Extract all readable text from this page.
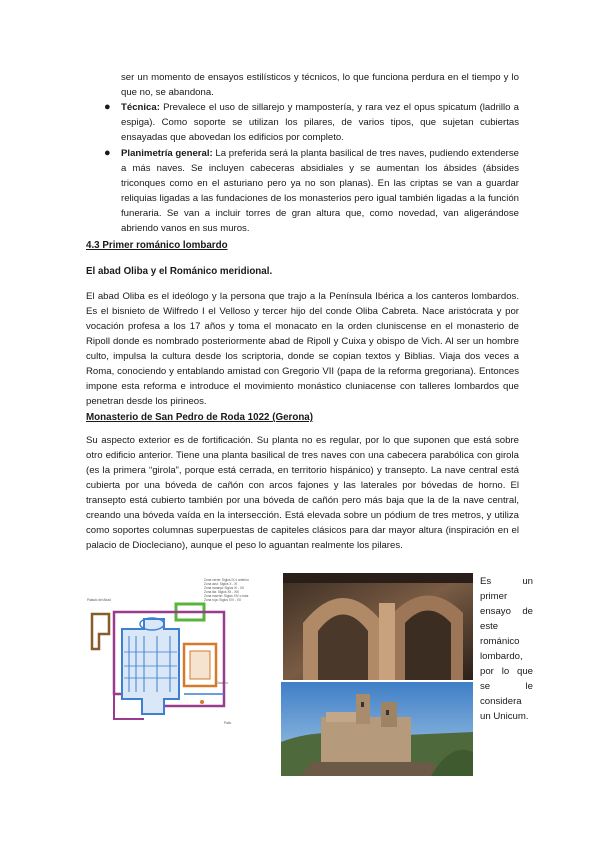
ser un momento de ensayos estilísticos y técnicos, lo que funciona perdura en el tiempo y lo que no, se abandona.
● Técnica: Prevalece el uso de sillarejo y mampostería, y rara vez el opus spicatum (ladrillo a espiga). Como soporte se utilizan los pilares, de varios tipos, que sujetan cubiertas ensayadas que abovedan los edificios por completo.
● Planimetría general: La preferida será la planta basilical de tres naves, pudiendo extenderse a más naves. Se incluyen cabeceras absidiales y se aumentan los ábsides (ábsides triconques como en el asturiano pero ya no son planas). En las criptas se van a guardar reliquias ligadas a las fundaciones de los monasterios pero igual también ligadas a la función funeraria. Se van a incluir torres de gran altura que, como novedad, van aligerándose abriendo vanos en sus muros.
4.3 Primer románico lombardo
El abad Oliba y el Románico meridional.
El abad Oliba es el ideólogo y la persona que trajo a la Península Ibérica a los canteros lombardos. Es el bisnieto de Wilfredo I el Velloso y tercer hijo del conde Oliba Cabreta. Nace aristócrata y por vocación profesa a los 17 años y toma el monacato en la orden cluniscense en el monasterio de Ripoll donde es nombrado posteriormente abad de Ripoll y Cuixa y obispo de Vich. Al ser un hombre culto, impulsa la cultura desde los scriptoria, donde se copian textos y Biblias. Viaja dos veces a Roma, conociendo y entablando amistad con Gregorio VII (papa de la reforma gregoriana). Entonces impone esta reforma e introduce el movimiento monástico cluniacense con talleres lombardos que penetran desde los pirineos.
Monasterio de San Pedro de Roda 1022 (Gerona)
Su aspecto exterior es de fortificación. Su planta no es regular, por lo que suponen que está sobre otro edificio anterior. Tiene una planta basilical de tres naves con una cabecera parabólica con girola (es la primera “girola”, porque está cerrada, en territorio hispánico) y transepto. La nave central está cubierta por una bóveda de cañón con arcos fajones y las laterales por bóvedas de horno. El transepto está cubierto también por una bóveda de cañón pero más baja que la de la nave central, creando una bóveda vaída en la intersección. Está elevada sobre un pódium de tres metros, y utiliza como soportes columnas superpuestas de capiteles clásicos para dar mayor altura (inspiración en el palacio de Diocleciano), aunque el peso lo aguantan realmente los pilares.
Zona verde: Siglos IX o anterior
Zona azul: Siglos X - XI
Zona naranja: Siglos XI - XII
Zona lila: Siglos XII - XIII
Zona marrón: Siglos XIV o más
Zona roja: Siglos XVI - XX
Palacio del Abad
Claustro
Patio
Es un primer ensayo de este románico lombardo, por lo que se le considera un Unicum.
